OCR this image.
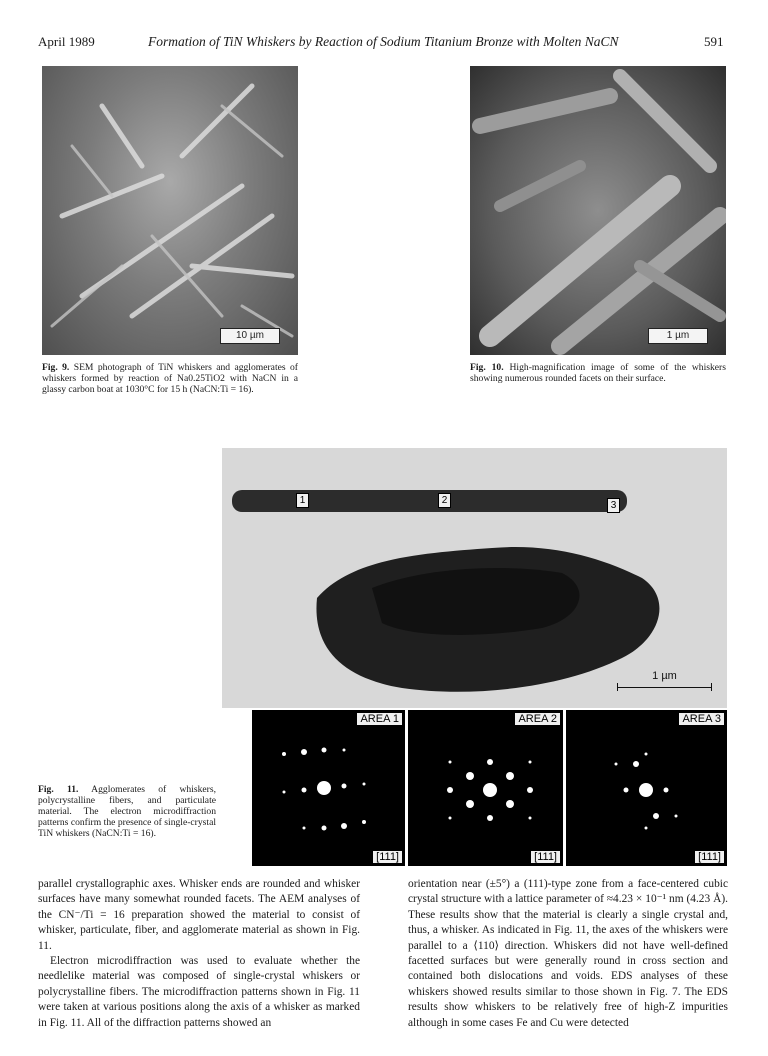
April 1989	Formation of TiN Whiskers by Reaction of Sodium Titanium Bronze with Molten NaCN	591
10 µm
Fig. 9. SEM photograph of TiN whiskers and agglomerates of whiskers formed by reaction of Na0.25TiO2 with NaCN in a glassy carbon boat at 1030°C for 15 h (NaCN:Ti = 16).
1 µm
Fig. 10. High-magnification image of some of the whiskers showing numerous rounded facets on their surface.
1	2	3
1 µm
AREA 1
[111]
AREA 2
[111]
AREA 3
[111]
Fig. 11. Agglomerates of whiskers, polycrystalline fibers, and particulate material. The electron microdiffraction patterns confirm the presence of single-crystal TiN whiskers (NaCN:Ti = 16).

parallel crystallographic axes. Whisker ends are rounded and whisker surfaces have many somewhat rounded facets. The AEM analyses of the CN⁻/Ti = 16 preparation showed the material to consist of whisker, particulate, fiber, and agglomerate material as shown in Fig. 11.

Electron microdiffraction was used to evaluate whether the needlelike material was composed of single-crystal whiskers or polycrystalline fibers. The microdiffraction patterns shown in Fig. 11 were taken at various positions along the axis of a whisker as marked in Fig. 11. All of the diffraction patterns showed an

orientation near (±5°) a (111)-type zone from a face-centered cubic crystal structure with a lattice parameter of ≈4.23 × 10⁻¹ nm (4.23 Å). These results show that the material is clearly a single crystal and, thus, a whisker. As indicated in Fig. 11, the axes of the whiskers were parallel to a ⟨110⟩ direction. Whiskers did not have well-defined facetted surfaces but were generally round in cross section and contained both dislocations and voids. EDS analyses of these whiskers showed results similar to those shown in Fig. 7. The EDS results show whiskers to be relatively free of high-Z impurities although in some cases Fe and Cu were detected
